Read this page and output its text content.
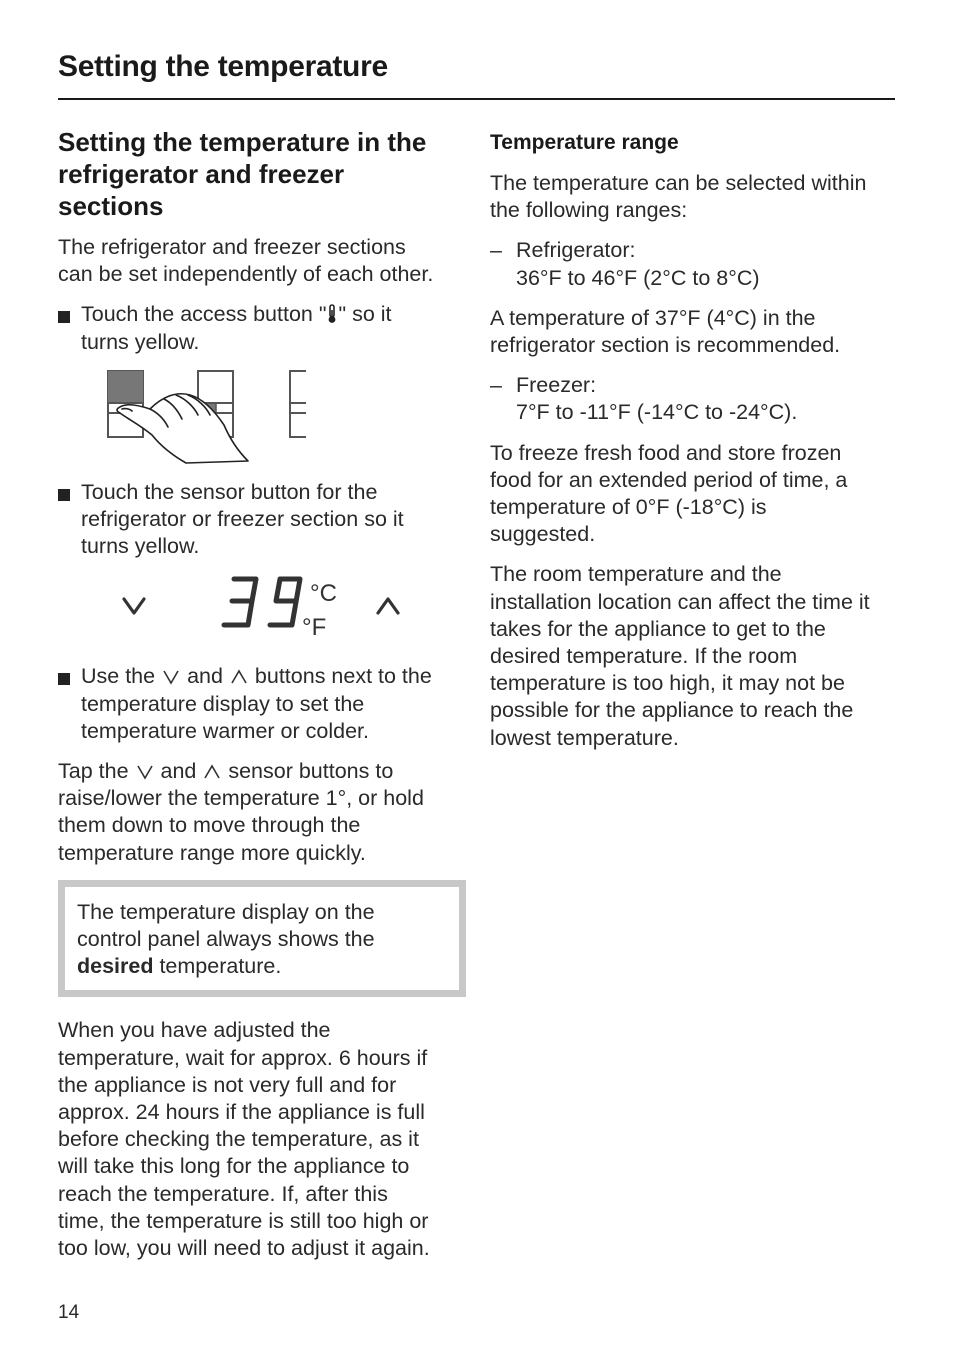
Setting the temperature
Setting the temperature in the
refrigerator and freezer
sections

The refrigerator and freezer sections
can be set independently of each other.

Touch the access button " " so it
turns yellow.
Touch the sensor button for the
refrigerator or freezer section so it
turns yellow.
°C
°F
Use the and buttons next to the
temperature display to set the
temperature warmer or colder.

Tap the and sensor buttons to
raise/lower the temperature 1°, or hold
them down to move through the
temperature range more quickly.

The temperature display on the
control panel always shows the
desired temperature.

When you have adjusted the
temperature, wait for approx. 6 hours if
the appliance is not very full and for
approx. 24 hours if the appliance is full
before checking the temperature, as it
will take this long for the appliance to
reach the temperature. If, after this
time, the temperature is still too high or
too low, you will need to adjust it again.

Temperature range

The temperature can be selected within
the following ranges:

– Refrigerator:
36°F to 46°F (2°C to 8°C)

A temperature of 37°F (4°C) in the
refrigerator section is recommended.

– Freezer:
7°F to -11°F (-14°C to -24°C).

To freeze fresh food and store frozen
food for an extended period of time, a
temperature of 0°F (-18°C) is
suggested.

The room temperature and the
installation location can affect the time it
takes for the appliance to get to the
desired temperature. If the room
temperature is too high, it may not be
possible for the appliance to reach the
lowest temperature.

14
